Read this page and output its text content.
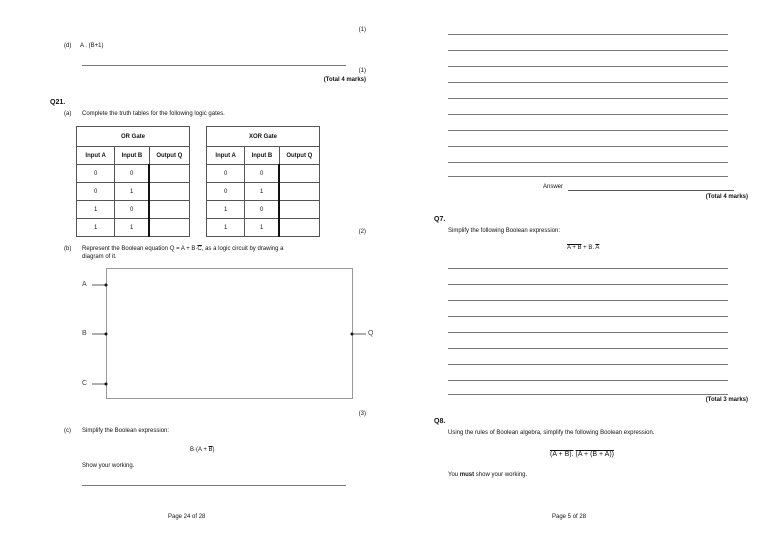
(1)
(d) A . (B+1)
(1)
(Total 4 marks)
Q21.
(a) Complete the truth tables for the following logic gates.
OR Gate		
Input A	Input B	Output Q
0	0	
0	1	
1	0	
1	1	
XOR Gate		
Input A	Input B	Output Q
0	0	
0	1	
1	0	
1	1	
(2)
(b) Represent the Boolean equation $Q = A + B\cdot\overline{C}$, as a logic circuit by drawing a
diagram of it.
A
B
C
Q
(3)
(c) Simplify the Boolean expression:
$B\cdot(A + \overline{B})$
Show your working.
Page 24 of 28
Answer
(Total 4 marks)
Q7.
Simplify the following Boolean expression:
A + B + B. $\overline{A}$
(Total 3 marks)
Q8.
Using the rules of Boolean algebra, simplify the following Boolean expression.
(A + B). (A + (B + A))
You must show your working.
Page 5 of 28
